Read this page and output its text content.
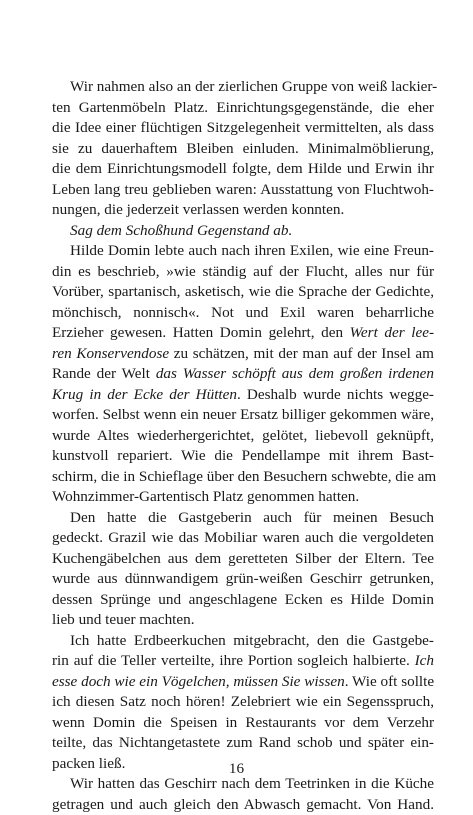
Wir nahmen also an der zierlichen Gruppe von weiß lackier-
ten Gartenmöbeln Platz. Einrichtungsgegenstände, die eher
die Idee einer flüchtigen Sitzgelegenheit vermittelten, als dass
sie zu dauerhaftem Bleiben einluden. Minimalmöblierung,
die dem Einrichtungsmodell folgte, dem Hilde und Erwin ihr
Leben lang treu geblieben waren: Ausstattung von Fluchtwoh-
nungen, die jederzeit verlassen werden konnten.
Sag dem Schoßhund Gegenstand ab.
Hilde Domin lebte auch nach ihren Exilen, wie eine Freun-
din es beschrieb, »wie ständig auf der Flucht, alles nur für
Vorüber, spartanisch, asketisch, wie die Sprache der Gedichte,
mönchisch, nonnisch«. Not und Exil waren beharrliche
Erzieher gewesen. Hatten Domin gelehrt, den Wert der lee-
ren Konservendose zu schätzen, mit der man auf der Insel am
Rande der Welt das Wasser schöpft aus dem großen irdenen
Krug in der Ecke der Hütten. Deshalb wurde nichts wegge-
worfen. Selbst wenn ein neuer Ersatz billiger gekommen wäre,
wurde Altes wiederhergerichtet, gelötet, liebevoll geknüpft,
kunstvoll repariert. Wie die Pendellampe mit ihrem Bast-
schirm, die in Schieflage über den Besuchern schwebte, die am
Wohnzimmer-Gartentisch Platz genommen hatten.
Den hatte die Gastgeberin auch für meinen Besuch
gedeckt. Grazil wie das Mobiliar waren auch die vergoldeten
Kuchengäbelchen aus dem geretteten Silber der Eltern. Tee
wurde aus dünnwandigem grün-weißen Geschirr getrunken,
dessen Sprünge und angeschlagene Ecken es Hilde Domin
lieb und teuer machten.
Ich hatte Erdbeerkuchen mitgebracht, den die Gastgebe-
rin auf die Teller verteilte, ihre Portion sogleich halbierte. Ich
esse doch wie ein Vögelchen, müssen Sie wissen. Wie oft sollte
ich diesen Satz noch hören! Zelebriert wie ein Segensspruch,
wenn Domin die Speisen in Restaurants vor dem Verzehr
teilte, das Nichtangetastete zum Rand schob und später ein-
packen ließ.
Wir hatten das Geschirr nach dem Teetrinken in die Küche
getragen und auch gleich den Abwasch gemacht. Von Hand.
16
